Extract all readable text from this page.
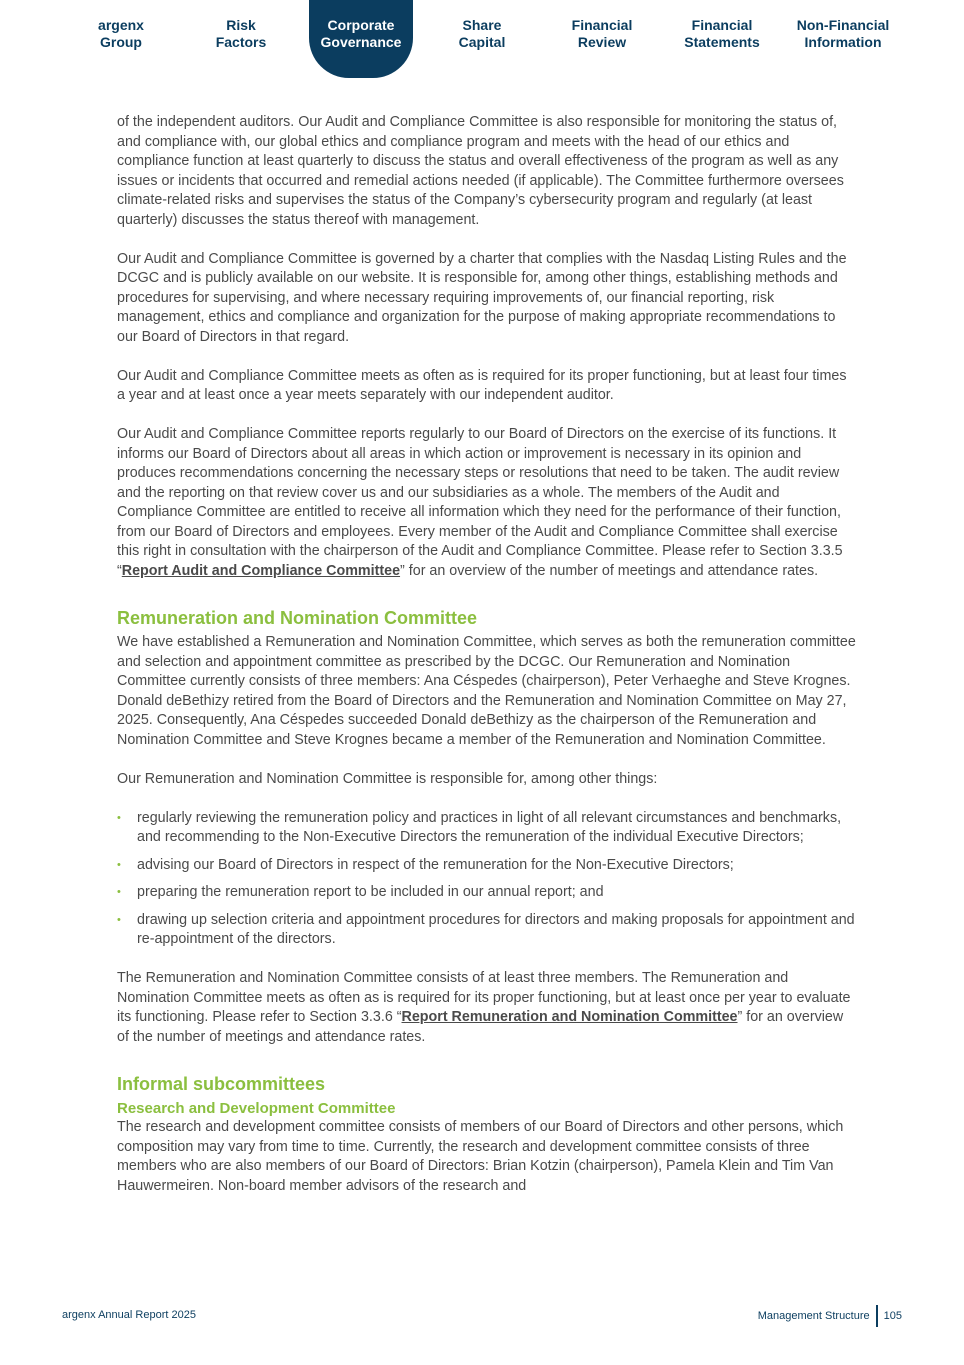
argenx
Group
Risk
Factors
Corporate
Governance
Share
Capital
Financial
Review
Financial
Statements
Non-Financial
Information

of the independent auditors. Our Audit and Compliance Committee is also responsible for monitoring the status of, and compliance with, our global ethics and compliance program and meets with the head of our ethics and compliance function at least quarterly to discuss the status and overall effectiveness of the program as well as any issues or incidents that occurred and remedial actions needed (if applicable). The Committee furthermore oversees climate-related risks and supervises the status of the Company’s cybersecurity program and regularly (at least quarterly) discusses the status thereof with management.

Our Audit and Compliance Committee is governed by a charter that complies with the Nasdaq Listing Rules and the DCGC and is publicly available on our website. It is responsible for, among other things, establishing methods and procedures for supervising, and where necessary requiring improvements of, our financial reporting, risk management, ethics and compliance and organization for the purpose of making appropriate recommendations to our Board of Directors in that regard.

Our Audit and Compliance Committee meets as often as is required for its proper functioning, but at least four times a year and at least once a year meets separately with our independent auditor.

Our Audit and Compliance Committee reports regularly to our Board of Directors on the exercise of its functions. It informs our Board of Directors about all areas in which action or improvement is necessary in its opinion and produces recommendations concerning the necessary steps or resolutions that need to be taken. The audit review and the reporting on that review cover us and our subsidiaries as a whole. The members of the Audit and Compliance Committee are entitled to receive all information which they need for the performance of their function, from our Board of Directors and employees. Every member of the Audit and Compliance Committee shall exercise this right in consultation with the chairperson of the Audit and Compliance Committee. Please refer to Section 3.3.5 “Report Audit and Compliance Committee” for an overview of the number of meetings and attendance rates.

Remuneration and Nomination Committee

We have established a Remuneration and Nomination Committee, which serves as both the remuneration committee and selection and appointment committee as prescribed by the DCGC. Our Remuneration and Nomination Committee currently consists of three members: Ana Céspedes (chairperson), Peter Verhaeghe and Steve Krognes. Donald deBethizy retired from the Board of Directors and the Remuneration and Nomination Committee on May 27, 2025. Consequently, Ana Céspedes succeeded Donald deBethizy as the chairperson of the Remuneration and Nomination Committee and Steve Krognes became a member of the Remuneration and Nomination Committee.

Our Remuneration and Nomination Committee is responsible for, among other things:

• regularly reviewing the remuneration policy and practices in light of all relevant circumstances and benchmarks, and recommending to the Non-Executive Directors the remuneration of the individual Executive Directors;
• advising our Board of Directors in respect of the remuneration for the Non-Executive Directors;
• preparing the remuneration report to be included in our annual report; and
• drawing up selection criteria and appointment procedures for directors and making proposals for appointment and re-appointment of the directors.

The Remuneration and Nomination Committee consists of at least three members. The Remuneration and Nomination Committee meets as often as is required for its proper functioning, but at least once per year to evaluate its functioning. Please refer to Section 3.3.6 “Report Remuneration and Nomination Committee” for an overview of the number of meetings and attendance rates.

Informal subcommittees
Research and Development Committee

The research and development committee consists of members of our Board of Directors and other persons, which composition may vary from time to time. Currently, the research and development committee consists of three members who are also members of our Board of Directors: Brian Kotzin (chairperson), Pamela Klein and Tim Van Hauwermeiren. Non-board member advisors of the research and

argenx Annual Report 2025	Management Structure 105
